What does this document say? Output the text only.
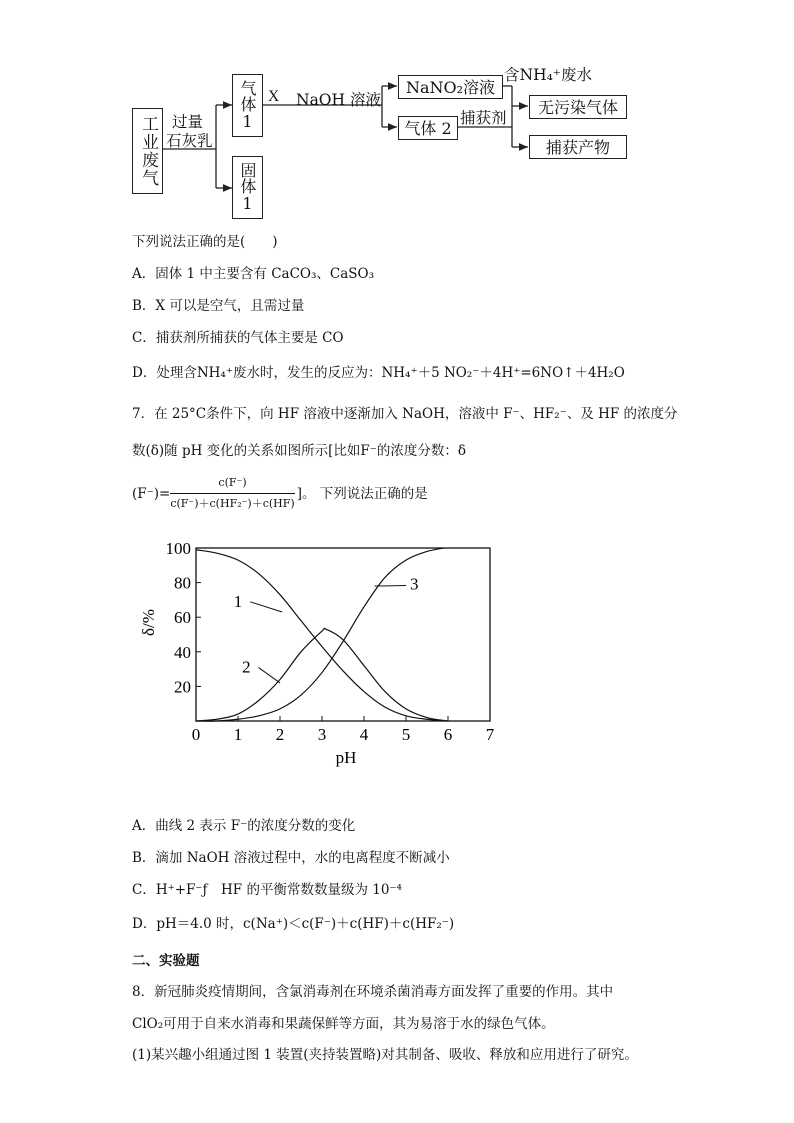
工业废气 过量
石灰乳
气体1
固体1
X NaOH 溶液
NaNO₂溶液
含NH₄⁺废水
气体 2
捕获剂
无污染气体
捕获产物
下列说法正确的是(　　)
A．固体 1 中主要含有 CaCO₃、CaSO₃
B．X 可以是空气，且需过量
C．捕获剂所捕获的气体主要是 CO
D．处理含NH₄⁺废水时，发生的反应为：NH₄⁺＋5 NO₂⁻＋4H⁺=6NO↑＋4H₂O
7．在 25°C条件下，向 HF 溶液中逐渐加入 NaOH，溶液中 F⁻、HF₂⁻、及 HF 的浓度分
数(δ)随 pH 变化的关系如图所示[比如F⁻的浓度分数：δ
$(F^-)= \frac{c(F^-)}{\text{c(F⁻)＋c(HF₂⁻)＋c(HF)}}$ ]。 下列说法正确的是
0 1 2 3 4 5 6 7
20
40
60
80
100
pH
δ/%
1
2
3
A．曲线 2 表示 F⁻的浓度分数的变化
B．滴加 NaOH 溶液过程中，水的电离程度不断减小
C．H⁺+F⁻ƒ　HF 的平衡常数数量级为 10⁻⁴
D．pH＝4.0 时，c(Na⁺)＜c(F⁻)＋c(HF)＋c(HF₂⁻)
二、实验题
8．新冠肺炎疫情期间，含氯消毒剂在环境杀菌消毒方面发挥了重要的作用。其中
ClO₂可用于自来水消毒和果蔬保鲜等方面，其为易溶于水的绿色气体。
(1)某兴趣小组通过图 1 装置(夹持装置略)对其制备、吸收、释放和应用进行了研究。
